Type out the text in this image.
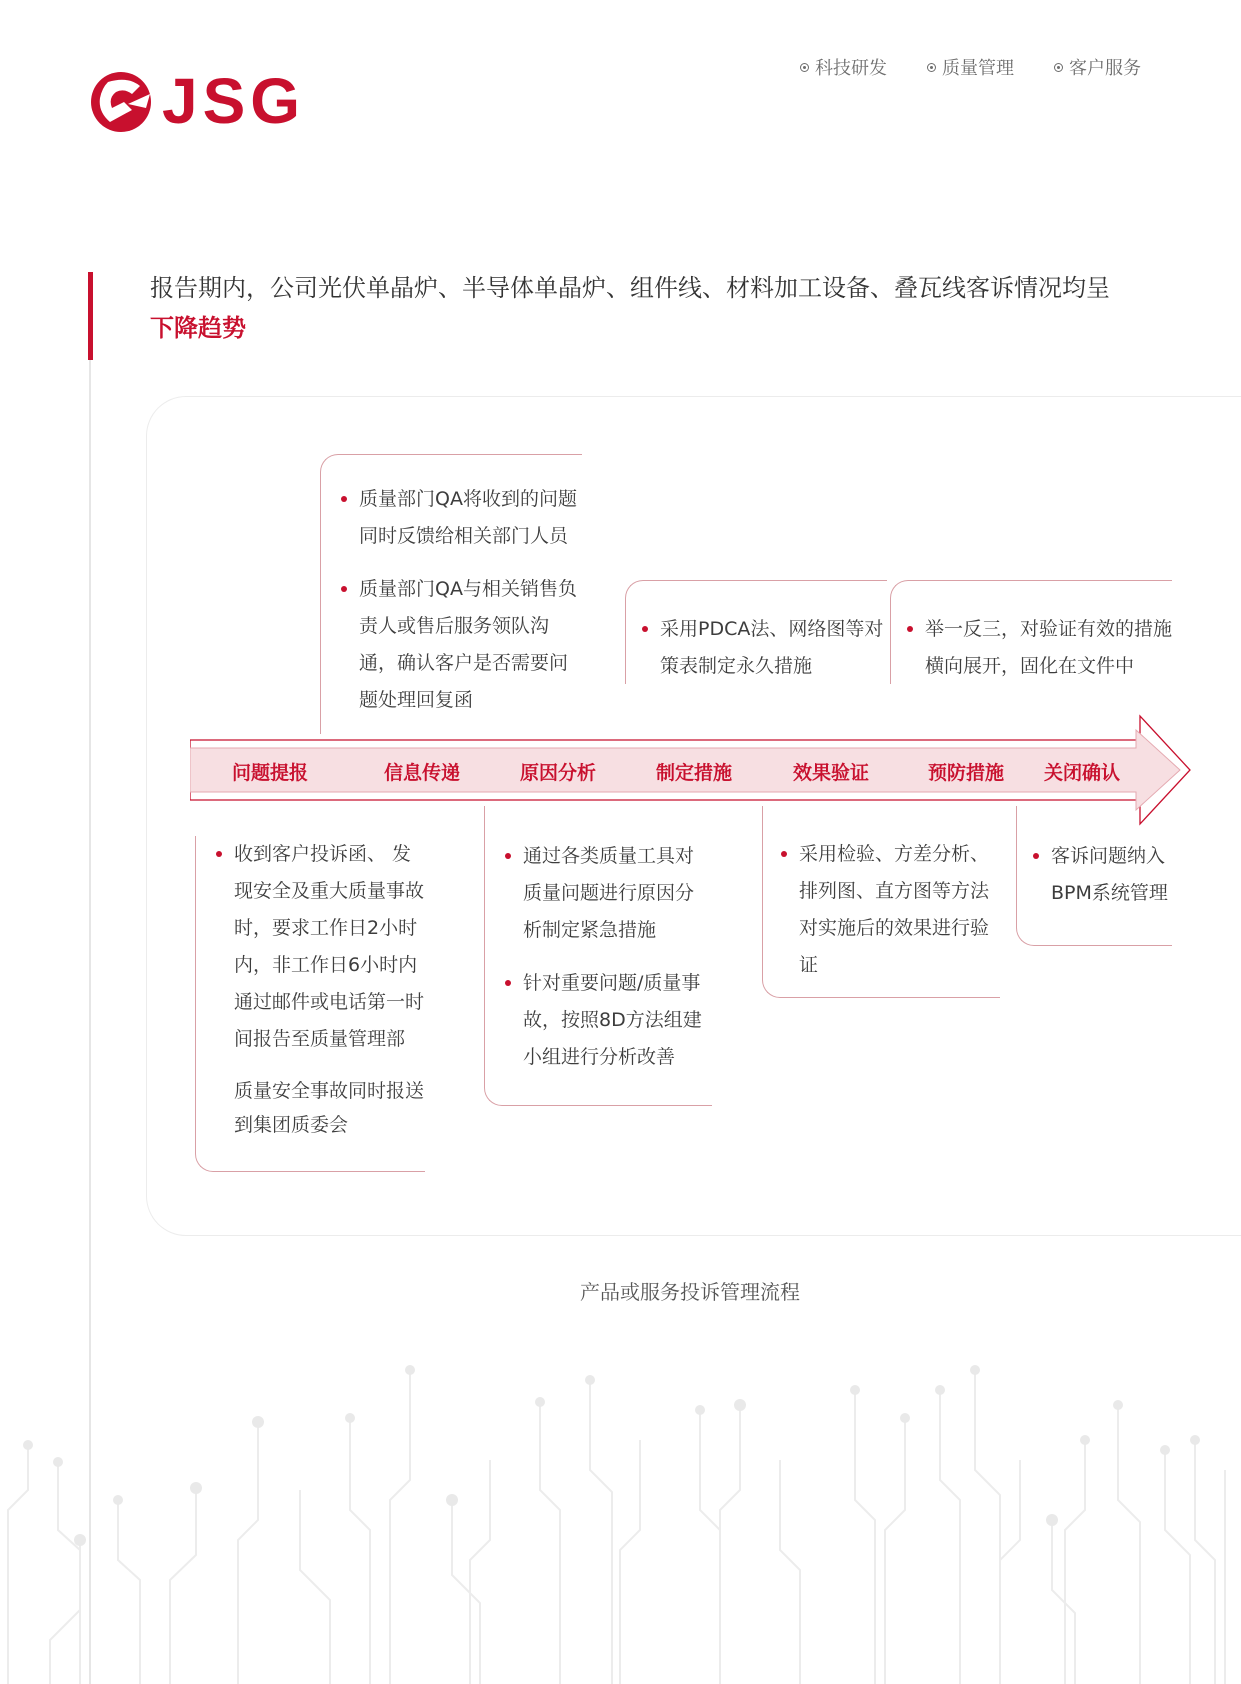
JSG	科技研发	质量管理	客户服务
报告期内，公司光伏单晶炉、半导体单晶炉、组件线、材料加工设备、叠瓦线客诉情况均呈
下降趋势
质量部门QA将收到的问题同时反馈给相关部门人员
质量部门QA与相关销售负责人或售后服务领队沟通，确认客户是否需要问题处理回复函
采用PDCA法、网络图等对策表制定永久措施
举一反三，对验证有效的措施横向展开，固化在文件中
问题提报	信息传递	原因分析	制定措施	效果验证	预防措施 关闭确认
收到客户投诉函、 发现安全及重大质量事故时，要求工作日2小时内，非工作日6小时内通过邮件或电话第一时间报告至质量管理部
质量安全事故同时报送到集团质委会
通过各类质量工具对质量问题进行原因分析制定紧急措施
针对重要问题/质量事故，按照8D方法组建小组进行分析改善
采用检验、方差分析、排列图、直方图等方法对实施后的效果进行验证
客诉问题纳入BPM系统管理
产品或服务投诉管理流程
